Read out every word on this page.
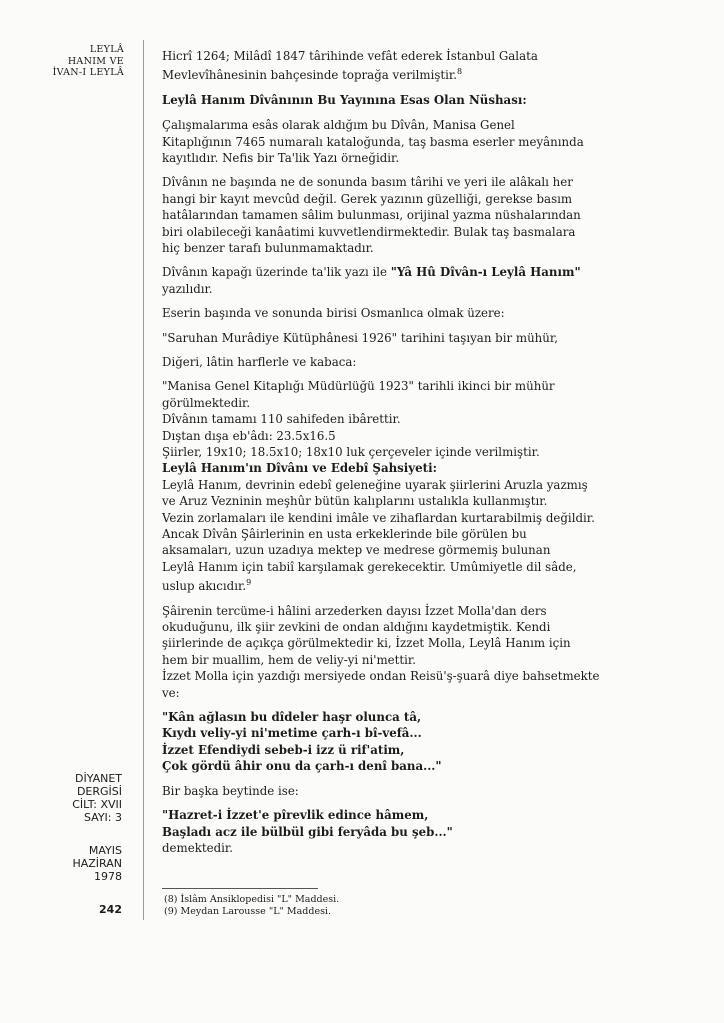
LEYLÂ
HANIM VE
İVAN-I LEYLÂ
DİYANET
DERGİSİ
CİLT: XVII
SAYI: 3
MAYIS
HAZİRAN
1978
242

Hicrî 1264; Milâdî 1847 târihinde vefât ederek İstanbul Galata
Mevlevîhânesinin bahçesinde toprağa verilmiştir.$^8$

Leylâ Hanım Dîvânının Bu Yayınına Esas Olan Nüshası:

Çalışmalarıma esâs olarak aldığım bu Dîvân, Manisa Genel
Kitaplığının 7465 numaralı kataloğunda, taş basma eserler meyânında
kayıtlıdır. Nefis bir Ta'lik Yazı örneğidir.

Dîvânın ne başında ne de sonunda basım târihi ve yeri ile alâkalı her
hangi bir kayıt mevcûd değil. Gerek yazının güzelliği, gerekse basım
hatâlarından tamamen sâlim bulunması, orijinal yazma nüshalarından
biri olabileceği kanâatimi kuvvetlendirmektedir. Bulak taş basmalara
hiç benzer tarafı bulunmamaktadır.

Dîvânın kapağı üzerinde ta'lik yazı ile "Yâ Hû Dîvân-ı Leylâ Hanım"
yazılıdır.

Eserin başında ve sonunda birisi Osmanlıca olmak üzere:

"Saruhan Murâdiye Kütüphânesi 1926" tarihini taşıyan bir mühür,

Diğeri, lâtin harflerle ve kabaca:

"Manisa Genel Kitaplığı Müdürlüğü 1923" tarihli ikinci bir mühür
görülmektedir.

Dîvânın tamamı 110 sahifeden ibârettir.

Dıştan dışa eb'âdı: 23.5x16.5

Şiirler, 19x10; 18.5x10; 18x10 luk çerçeveler içinde verilmiştir.

Leylâ Hanım'ın Dîvânı ve Edebî Şahsiyeti:

Leylâ Hanım, devrinin edebî geleneğine uyarak şiirlerini Aruzla yazmış
ve Aruz Vezninin meşhûr bütün kalıplarını ustalıkla kullanmıştır.
Vezin zorlamaları ile kendini imâle ve zihaflardan kurtarabilmiş değildir.
Ancak Dîvân Şâirlerinin en usta erkeklerinde bile görülen bu
aksamaları, uzun uzadıya mektep ve medrese görmemiş bulunan
Leylâ Hanım için tabiî karşılamak gerekecektir. Umûmiyetle dil sâde,
uslup akıcıdır.$^9$

Şâirenin tercüme-i hâlini arzederken dayısı İzzet Molla'dan ders
okuduğunu, ilk şiir zevkini de ondan aldığını kaydetmiştik. Kendi
şiirlerinde de açıkça görülmektedir ki, İzzet Molla, Leylâ Hanım için
hem bir muallim, hem de veliy-yi ni'mettir.

İzzet Molla için yazdığı mersiyede ondan Reisü'ş-şuarâ diye bahsetmekte
ve:

"Kân ağlasın bu dîdeler haşr oluncа tâ,
Kıydı veliy-yi ni'metime çarh-ı bî-vefâ...
İzzet Efendiydi sebeb-i izz ü rif'atim,
Çok gördü âhir onu da çarh-ı denî bana..."

Bir başka beytinde ise:

"Hazret-i İzzet'e pîrevlik edince hâmem,
Başladı acz ile bülbül gibi feryâda bu şeb..."

demektedir.

(8) İslâm Ansiklopedisi "L" Maddesi.
(9) Meydan Larousse "L" Maddesi.
